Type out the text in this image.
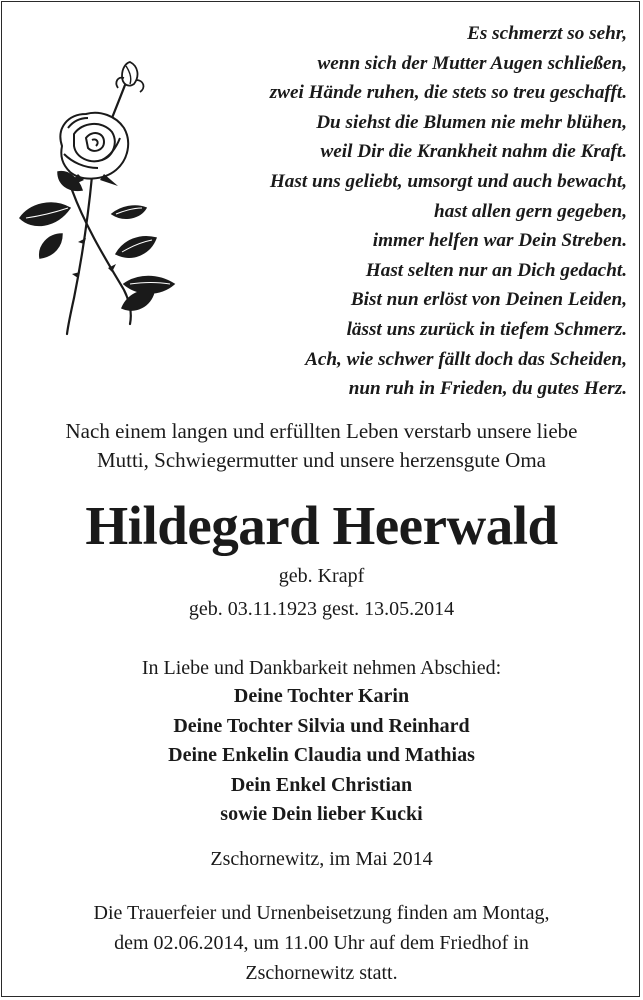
Es schmerzt so sehr,
wenn sich der Mutter Augen schließen,
zwei Hände ruhen, die stets so treu geschafft.
Du siehst die Blumen nie mehr blühen,
weil Dir die Krankheit nahm die Kraft.
Hast uns geliebt, umsorgt und auch bewacht,
hast allen gern gegeben,
immer helfen war Dein Streben.
Hast selten nur an Dich gedacht.
Bist nun erlöst von Deinen Leiden,
lässt uns zurück in tiefem Schmerz.
Ach, wie schwer fällt doch das Scheiden,
nun ruh in Frieden, du gutes Herz.
Nach einem langen und erfüllten Leben verstarb unsere liebe
Mutti, Schwiegermutter und unsere herzensgute Oma
Hildegard Heerwald
geb. Krapf
geb. 03.11.1923 gest. 13.05.2014
In Liebe und Dankbarkeit nehmen Abschied:
Deine Tochter Karin
Deine Tochter Silvia und Reinhard
Deine Enkelin Claudia und Mathias
Dein Enkel Christian
sowie Dein lieber Kucki
Zschornewitz, im Mai 2014
Die Trauerfeier und Urnenbeisetzung finden am Montag,
dem 02.06.2014, um 11.00 Uhr auf dem Friedhof in
Zschornewitz statt.
